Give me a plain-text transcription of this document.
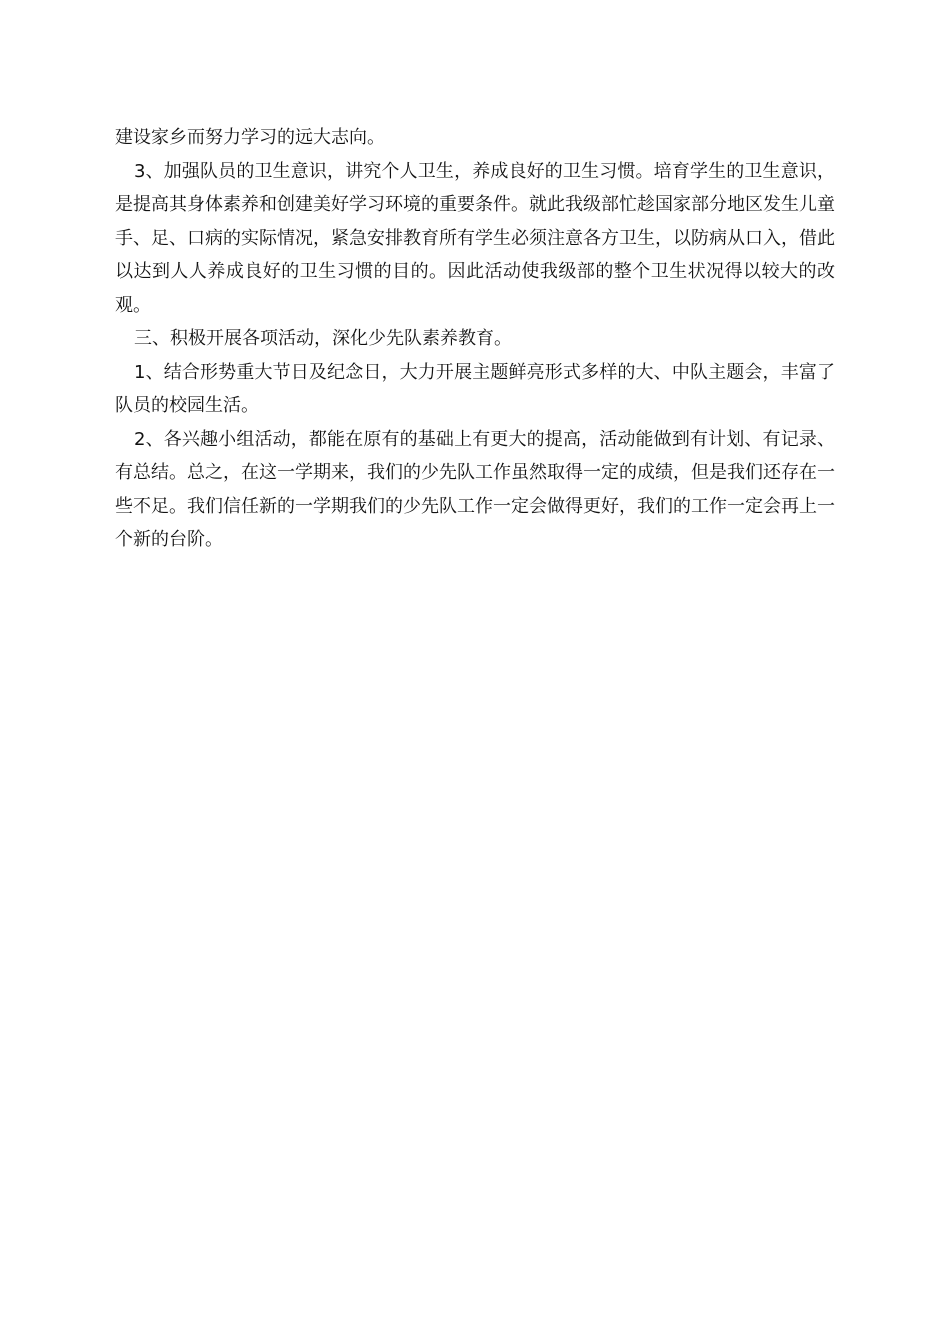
建设家乡而努力学习的远大志向。

3、加强队员的卫生意识，讲究个人卫生，养成良好的卫生习惯。培育学生的卫生意识，是提高其身体素养和创建美好学习环境的重要条件。就此我级部忙趁国家部分地区发生儿童手、足、口病的实际情况，紧急安排教育所有学生必须注意各方卫生，以防病从口入，借此以达到人人养成良好的卫生习惯的目的。因此活动使我级部的整个卫生状况得以较大的改观。

三、积极开展各项活动，深化少先队素养教育。

1、结合形势重大节日及纪念日，大力开展主题鲜亮形式多样的大、中队主题会，丰富了队员的校园生活。

2、各兴趣小组活动，都能在原有的基础上有更大的提高，活动能做到有计划、有记录、有总结。总之，在这一学期来，我们的少先队工作虽然取得一定的成绩，但是我们还存在一些不足。我们信任新的一学期我们的少先队工作一定会做得更好，我们的工作一定会再上一个新的台阶。
